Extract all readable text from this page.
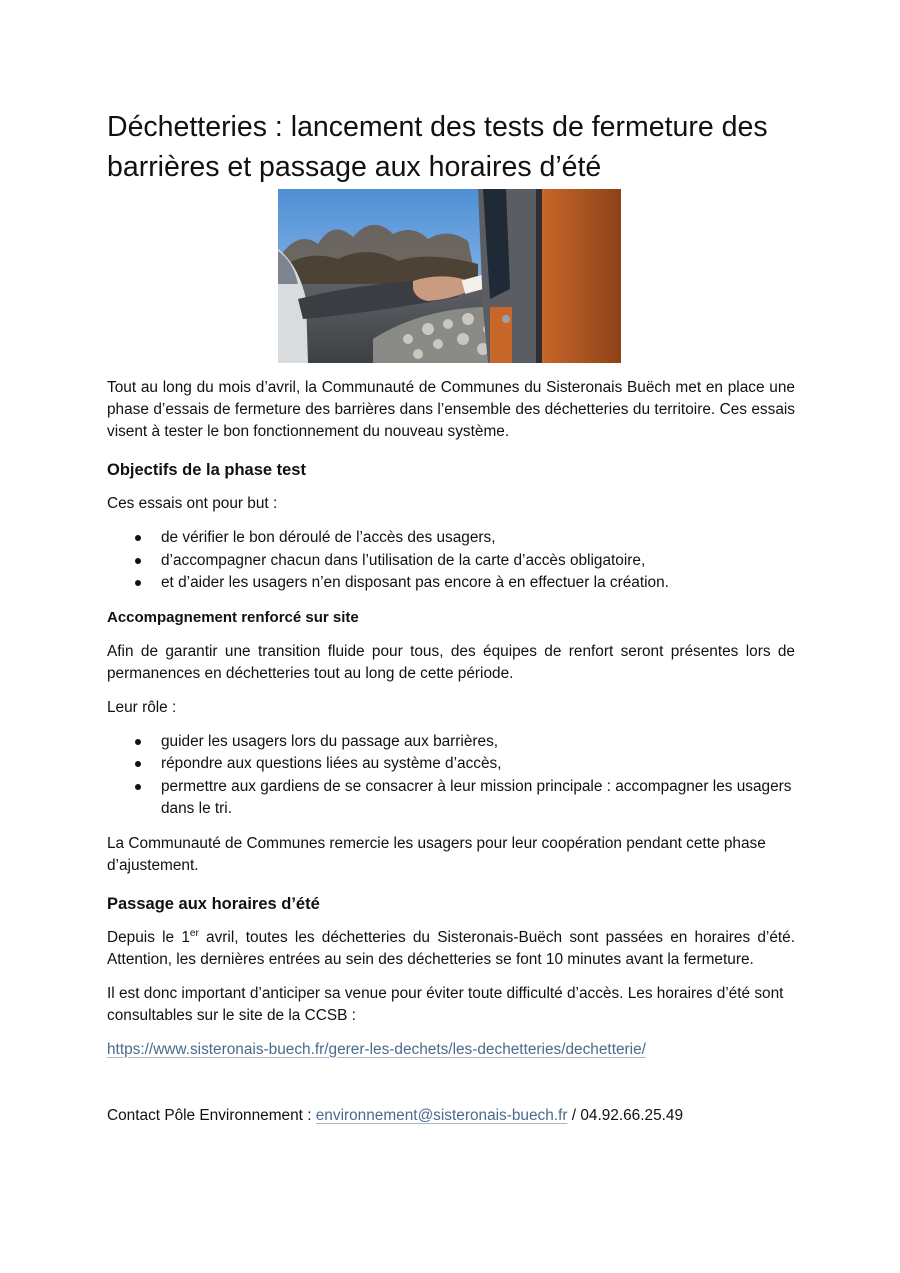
Déchetteries : lancement des tests de fermeture des barrières et passage aux horaires d’été

Tout au long du mois d’avril, la Communauté de Communes du Sisteronais Buëch met en place une phase d’essais de fermeture des barrières dans l’ensemble des déchetteries du territoire. Ces essais visent à tester le bon fonctionnement du nouveau système.

Objectifs de la phase test

Ces essais ont pour but :

de vérifier le bon déroulé de l’accès des usagers,
d’accompagner chacun dans l’utilisation de la carte d’accès obligatoire,
et d’aider les usagers n’en disposant pas encore à en effectuer la création.
Accompagnement renforcé sur site

Afin de garantir une transition fluide pour tous, des équipes de renfort seront présentes lors de permanences en déchetteries tout au long de cette période.

Leur rôle :

guider les usagers lors du passage aux barrières,
répondre aux questions liées au système d’accès,
permettre aux gardiens de se consacrer à leur mission principale : accompagner les usagers dans le tri.

La Communauté de Communes remercie les usagers pour leur coopération pendant cette phase d’ajustement.

Passage aux horaires d’été

Depuis le 1er avril, toutes les déchetteries du Sisteronais-Buëch sont passées en horaires d’été. Attention, les dernières entrées au sein des déchetteries se font 10 minutes avant la fermeture.

Il est donc important d’anticiper sa venue pour éviter toute difficulté d’accès. Les horaires d’été sont consultables sur le site de la CCSB :

https://www.sisteronais-buech.fr/gerer-les-dechets/les-dechetteries/dechetterie/

Contact Pôle Environnement : environnement@sisteronais-buech.fr / 04.92.66.25.49
